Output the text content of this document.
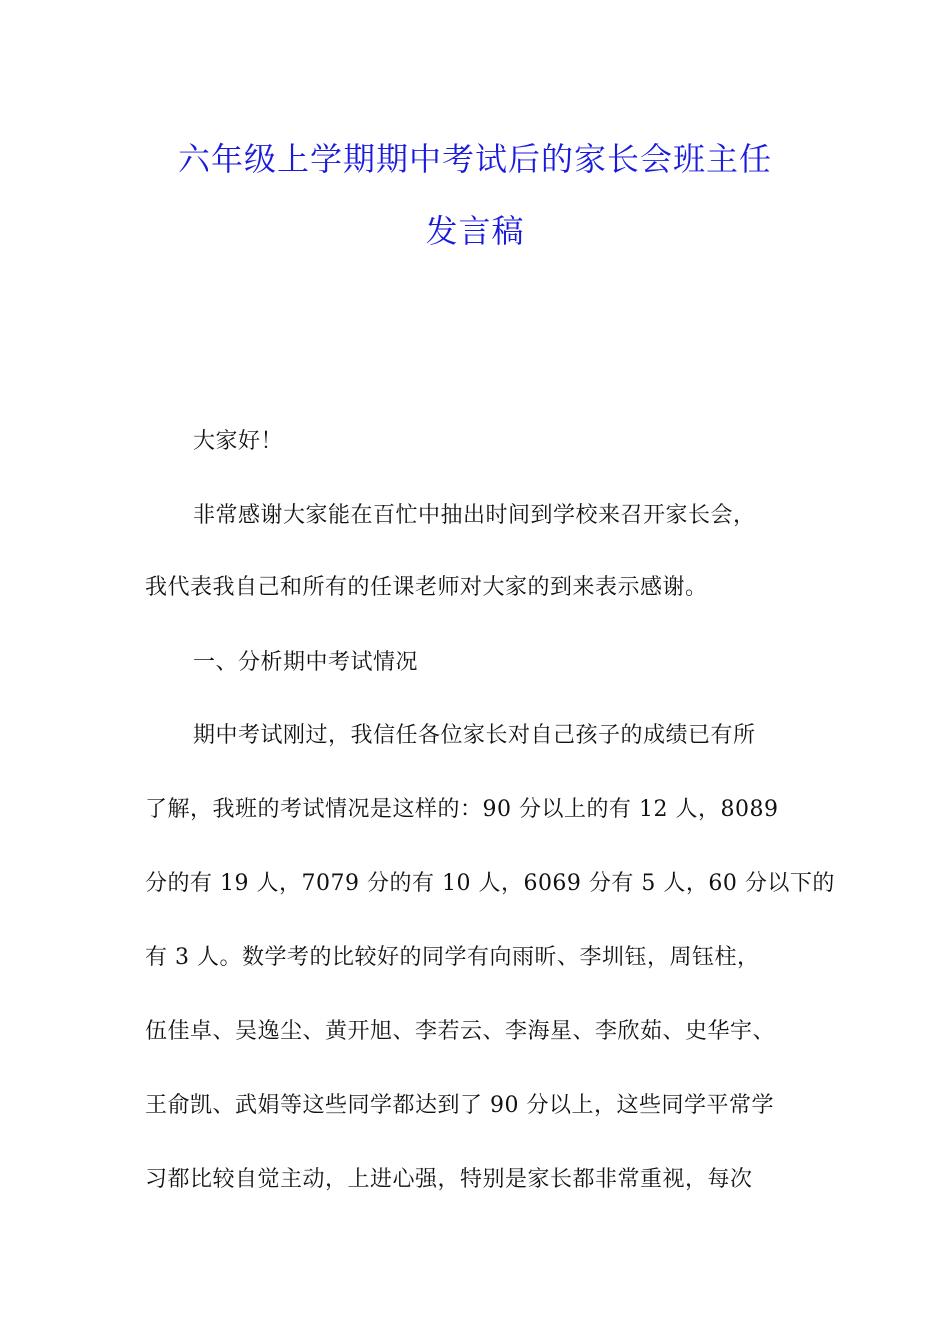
六年级上学期期中考试后的家长会班主任
发言稿
大家好！
非常感谢大家能在百忙中抽出时间到学校来召开家长会，
我代表我自己和所有的任课老师对大家的到来表示感谢。
一、分析期中考试情况
期中考试刚过，我信任各位家长对自己孩子的成绩已有所
了解，我班的考试情况是这样的：90 分以上的有 12 人，8089
分的有 19 人，7079 分的有 10 人，6069 分有 5 人，60 分以下的
有 3 人。数学考的比较好的同学有向雨昕、李圳钰，周钰柱，
伍佳卓、吴逸尘、黄开旭、李若云、李海星、李欣茹、史华宇、
王俞凯、武娟等这些同学都达到了 90 分以上，这些同学平常学
习都比较自觉主动，上进心强，特别是家长都非常重视，每次
